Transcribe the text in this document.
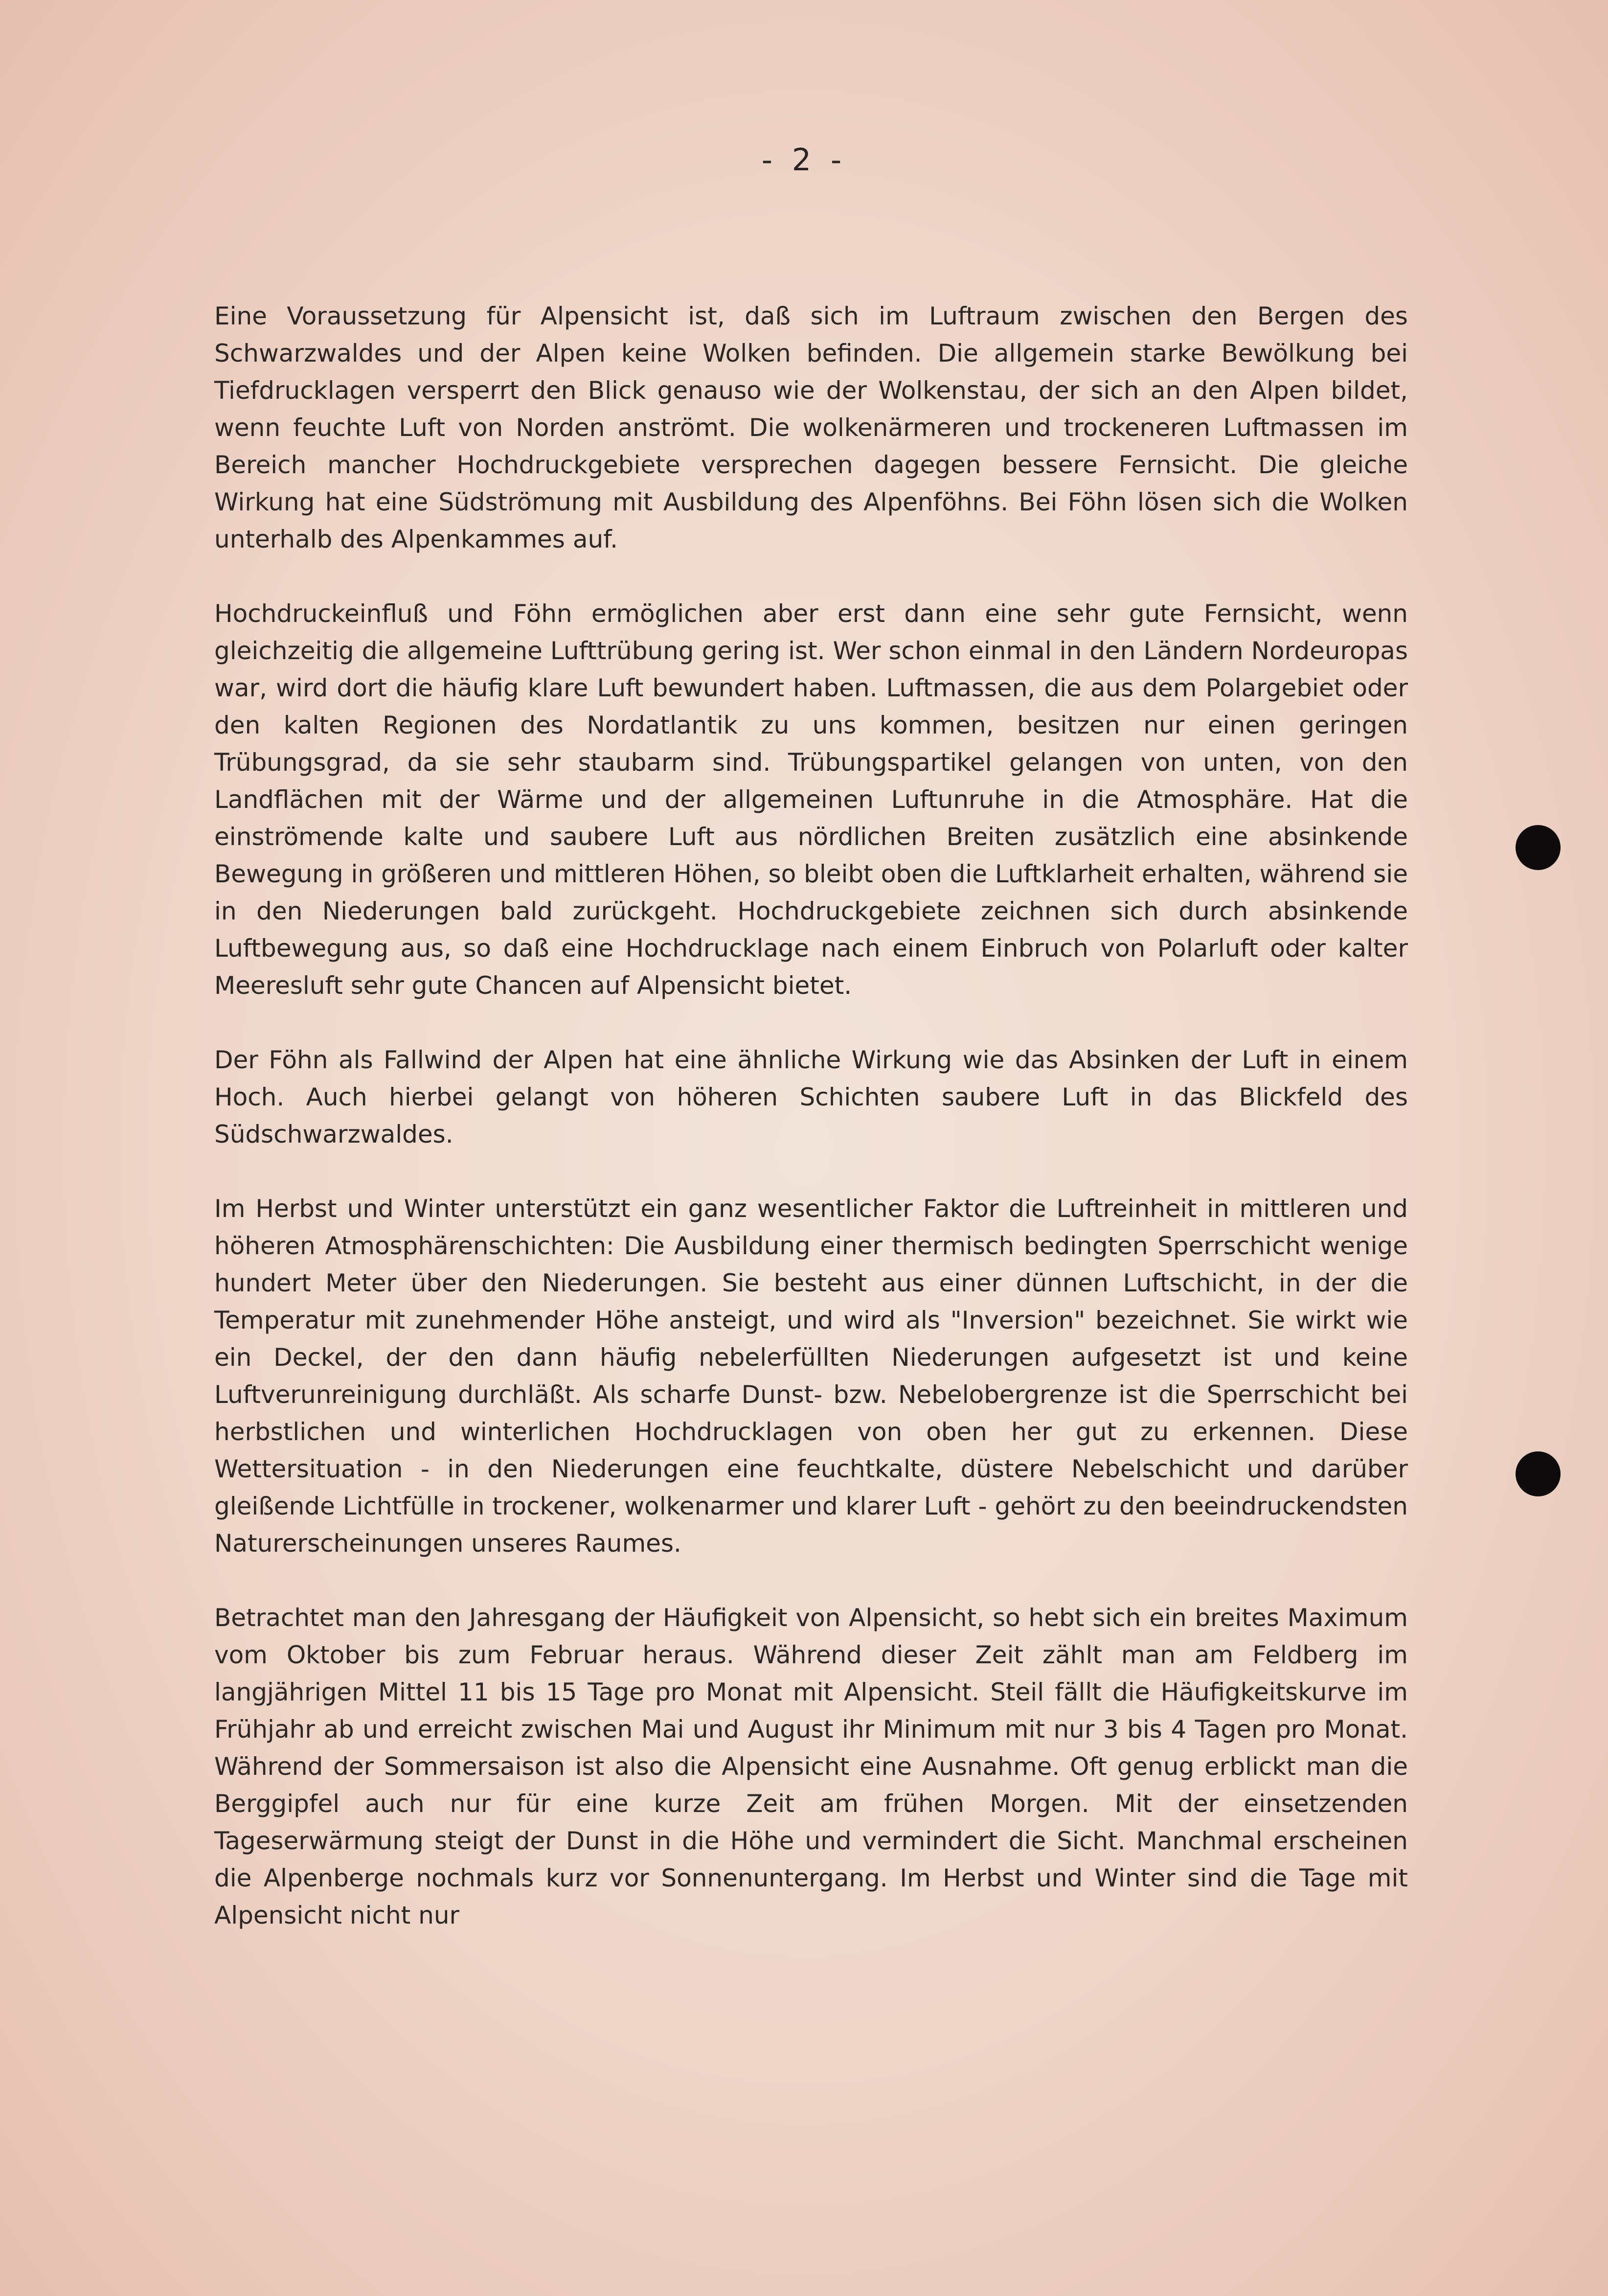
- 2 -

Eine Voraussetzung für Alpensicht ist, daß sich im Luftraum zwischen den Bergen des Schwarzwaldes und der Alpen keine Wolken befinden. Die allgemein starke Bewölkung bei Tiefdrucklagen versperrt den Blick genauso wie der Wolkenstau, der sich an den Alpen bildet, wenn feuchte Luft von Norden anströmt. Die wolkenärmeren und trockeneren Luftmassen im Bereich mancher Hochdruckgebiete versprechen dagegen bessere Fernsicht. Die gleiche Wirkung hat eine Südströmung mit Ausbildung des Alpenföhns. Bei Föhn lösen sich die Wolken unterhalb des Alpenkammes auf.

Hochdruckeinfluß und Föhn ermöglichen aber erst dann eine sehr gute Fernsicht, wenn gleichzeitig die allgemeine Lufttrübung gering ist. Wer schon einmal in den Ländern Nordeuropas war, wird dort die häufig klare Luft bewundert haben. Luftmassen, die aus dem Polargebiet oder den kalten Regionen des Nordatlantik zu uns kommen, besitzen nur einen geringen Trübungsgrad, da sie sehr staubarm sind. Trübungspartikel gelangen von unten, von den Landflächen mit der Wärme und der allgemeinen Luftunruhe in die Atmosphäre. Hat die einströmende kalte und saubere Luft aus nördlichen Breiten zusätzlich eine absinkende Bewegung in größeren und mittleren Höhen, so bleibt oben die Luftklarheit erhalten, während sie in den Niederungen bald zurückgeht. Hochdruckgebiete zeichnen sich durch absinkende Luftbewegung aus, so daß eine Hochdrucklage nach einem Einbruch von Polarluft oder kalter Meeresluft sehr gute Chancen auf Alpensicht bietet.

Der Föhn als Fallwind der Alpen hat eine ähnliche Wirkung wie das Absinken der Luft in einem Hoch. Auch hierbei gelangt von höheren Schichten saubere Luft in das Blickfeld des Südschwarzwaldes.

Im Herbst und Winter unterstützt ein ganz wesentlicher Faktor die Luftreinheit in mittleren und höheren Atmosphärenschichten: Die Ausbildung einer thermisch bedingten Sperrschicht wenige hundert Meter über den Niederungen. Sie besteht aus einer dünnen Luftschicht, in der die Temperatur mit zunehmender Höhe ansteigt, und wird als "Inversion" bezeichnet. Sie wirkt wie ein Deckel, der den dann häufig nebelerfüllten Niederungen aufgesetzt ist und keine Luftverunreinigung durchläßt. Als scharfe Dunst- bzw. Nebelobergrenze ist die Sperrschicht bei herbstlichen und winterlichen Hochdrucklagen von oben her gut zu erkennen. Diese Wettersituation - in den Niederungen eine feuchtkalte, düstere Nebelschicht und darüber gleißende Lichtfülle in trockener, wolkenarmer und klarer Luft - gehört zu den beeindruckendsten Naturerscheinungen unseres Raumes.

Betrachtet man den Jahresgang der Häufigkeit von Alpensicht, so hebt sich ein breites Maximum vom Oktober bis zum Februar heraus. Während dieser Zeit zählt man am Feldberg im langjährigen Mittel 11 bis 15 Tage pro Monat mit Alpensicht. Steil fällt die Häufigkeitskurve im Frühjahr ab und erreicht zwischen Mai und August ihr Minimum mit nur 3 bis 4 Tagen pro Monat. Während der Sommersaison ist also die Alpensicht eine Ausnahme. Oft genug erblickt man die Berggipfel auch nur für eine kurze Zeit am frühen Morgen. Mit der einsetzenden Tageserwärmung steigt der Dunst in die Höhe und vermindert die Sicht. Manchmal erscheinen die Alpenberge nochmals kurz vor Sonnenuntergang. Im Herbst und Winter sind die Tage mit Alpensicht nicht nur
